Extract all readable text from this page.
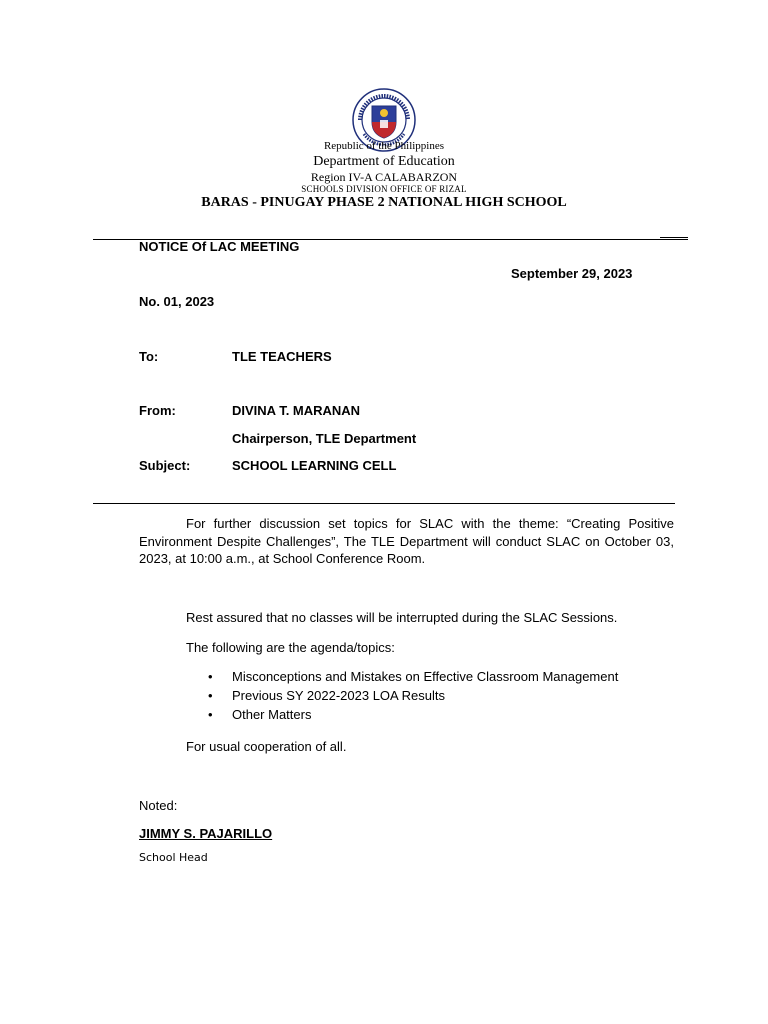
Republic of the Philippines
Department of Education
Region IV-A CALABARZON
SCHOOLS DIVISION OFFICE OF RIZAL
BARAS - PINUGAY PHASE 2 NATIONAL HIGH SCHOOL
NOTICE Of LAC MEETING
September 29, 2023
No. 01, 2023
To:	TLE TEACHERS
From:	DIVINA T. MARANAN
Chairperson, TLE Department
Subject:	SCHOOL LEARNING CELL
For further discussion set topics for SLAC with the theme: “Creating Positive Environment Despite Challenges”, The TLE Department will conduct SLAC on October 03, 2023, at 10:00 a.m., at School Conference Room.
Rest assured that no classes will be interrupted during the SLAC Sessions.
The following are the agenda/topics:
• Misconceptions and Mistakes on Effective Classroom Management
• Previous SY 2022-2023 LOA Results
• Other Matters
For usual cooperation of all.
Noted:
JIMMY S. PAJARILLO
School Head
